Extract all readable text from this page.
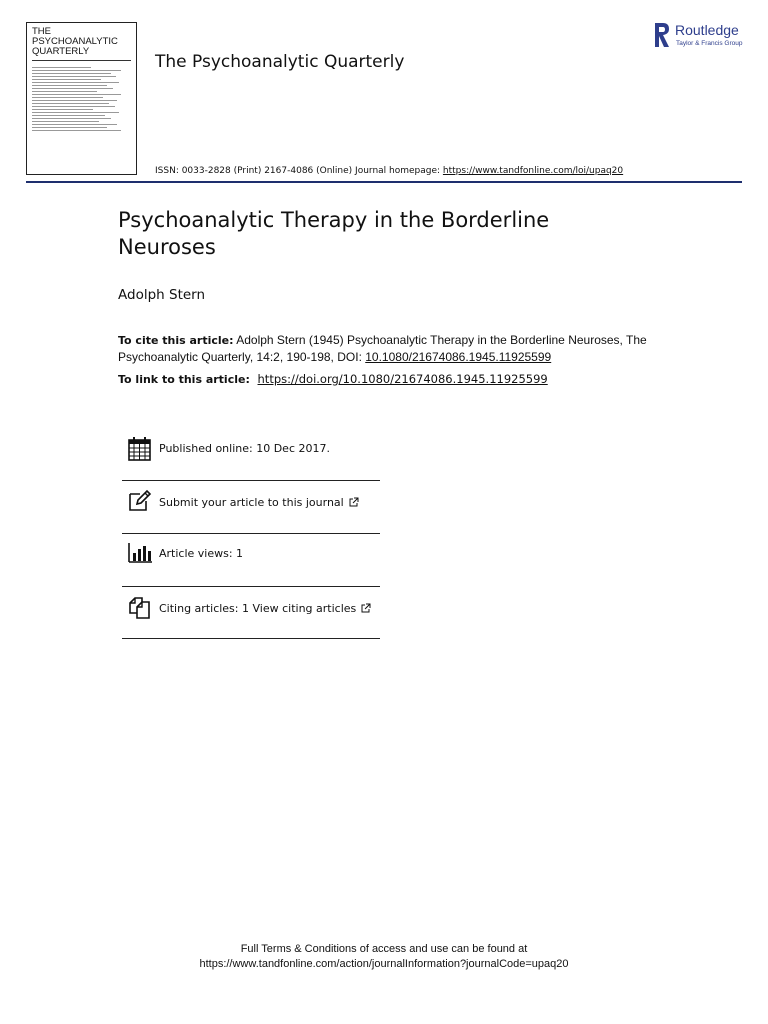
THE

PSYCHOANALYTIC

QUARTERLY

The Psychoanalytic Quarterly
Routledge
Taylor & Francis Group
ISSN: 0033-2828 (Print) 2167-4086 (Online) Journal homepage: https://www.tandfonline.com/loi/upaq20
Psychoanalytic Therapy in the Borderline Neuroses
Adolph Stern
To cite this article: Adolph Stern (1945) Psychoanalytic Therapy in the Borderline Neuroses, The Psychoanalytic Quarterly, 14:2, 190-198, DOI: 10.1080/21674086.1945.11925599
To link to this article:  https://doi.org/10.1080/21674086.1945.11925599
Published online: 10 Dec 2017.
Submit your article to this journal
Article views: 1
Citing articles: 1 View citing articles
Full Terms & Conditions of access and use can be found at
https://www.tandfonline.com/action/journalInformation?journalCode=upaq20
